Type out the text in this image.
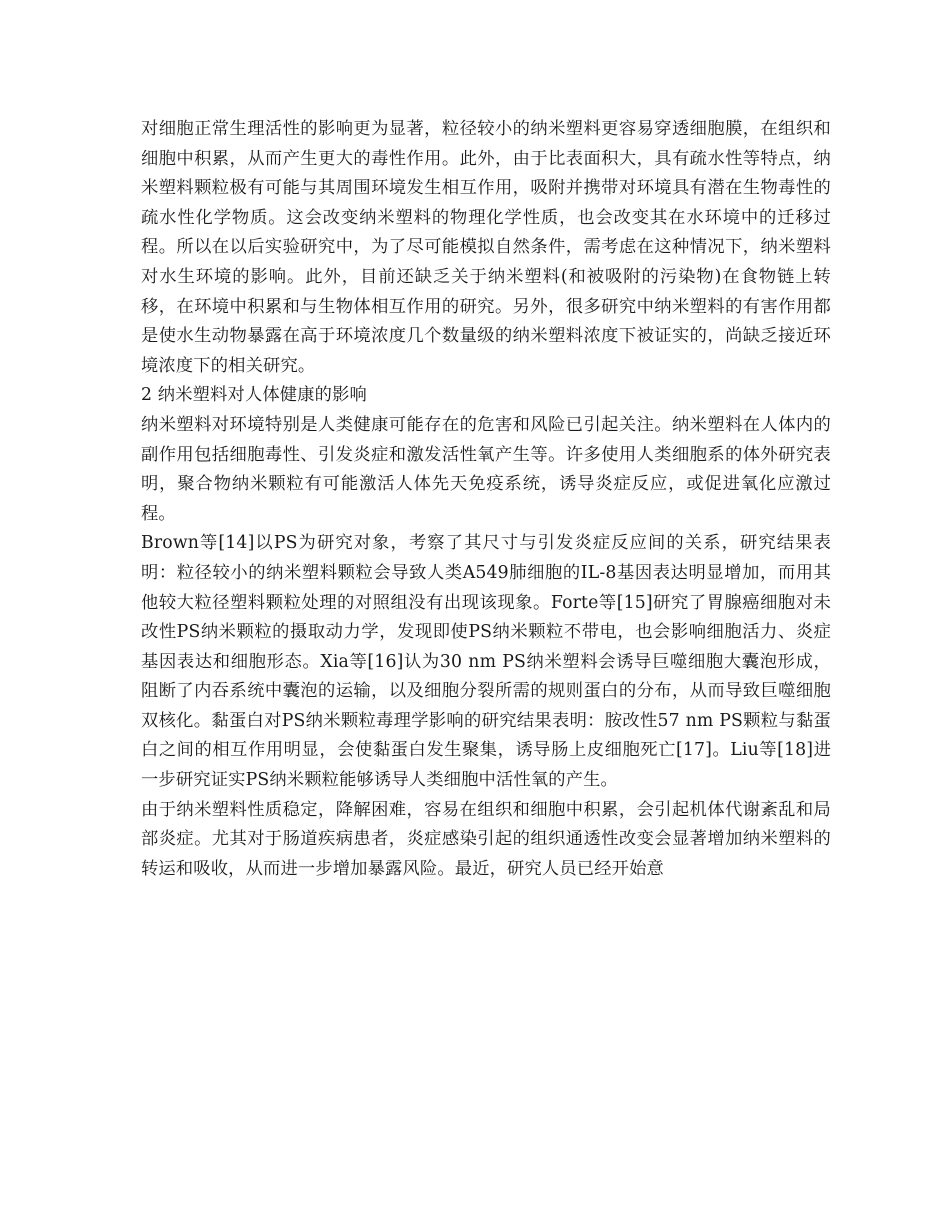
对细胞正常生理活性的影响更为显著，粒径较小的纳米塑料更容易穿透细胞膜，在组织和细胞中积累，从而产生更大的毒性作用。此外，由于比表面积大，具有疏水性等特点，纳米塑料颗粒极有可能与其周围环境发生相互作用，吸附并携带对环境具有潜在生物毒性的疏水性化学物质。这会改变纳米塑料的物理化学性质，也会改变其在水环境中的迁移过程。所以在以后实验研究中，为了尽可能模拟自然条件，需考虑在这种情况下，纳米塑料对水生环境的影响。此外，目前还缺乏关于纳米塑料(和被吸附的污染物)在食物链上转移，在环境中积累和与生物体相互作用的研究。另外，很多研究中纳米塑料的有害作用都是使水生动物暴露在高于环境浓度几个数量级的纳米塑料浓度下被证实的，尚缺乏接近环境浓度下的相关研究。

2 纳米塑料对人体健康的影响

纳米塑料对环境特别是人类健康可能存在的危害和风险已引起关注。纳米塑料在人体内的副作用包括细胞毒性、引发炎症和激发活性氧产生等。许多使用人类细胞系的体外研究表明，聚合物纳米颗粒有可能激活人体先天免疫系统，诱导炎症反应，或促进氧化应激过程。

Brown等[14]以PS为研究对象，考察了其尺寸与引发炎症反应间的关系，研究结果表明：粒径较小的纳米塑料颗粒会导致人类A549肺细胞的IL-8基因表达明显增加，而用其他较大粒径塑料颗粒处理的对照组没有出现该现象。Forte等[15]研究了胃腺癌细胞对未改性PS纳米颗粒的摄取动力学，发现即使PS纳米颗粒不带电，也会影响细胞活力、炎症基因表达和细胞形态。Xia等[16]认为30 nm PS纳米塑料会诱导巨噬细胞大囊泡形成，阻断了内吞系统中囊泡的运输，以及细胞分裂所需的规则蛋白的分布，从而导致巨噬细胞双核化。黏蛋白对PS纳米颗粒毒理学影响的研究结果表明：胺改性57 nm PS颗粒与黏蛋白之间的相互作用明显，会使黏蛋白发生聚集，诱导肠上皮细胞死亡[17]。Liu等[18]进一步研究证实PS纳米颗粒能够诱导人类细胞中活性氧的产生。

由于纳米塑料性质稳定，降解困难，容易在组织和细胞中积累，会引起机体代谢紊乱和局部炎症。尤其对于肠道疾病患者，炎症感染引起的组织通透性改变会显著增加纳米塑料的转运和吸收，从而进一步增加暴露风险。最近，研究人员已经开始意
